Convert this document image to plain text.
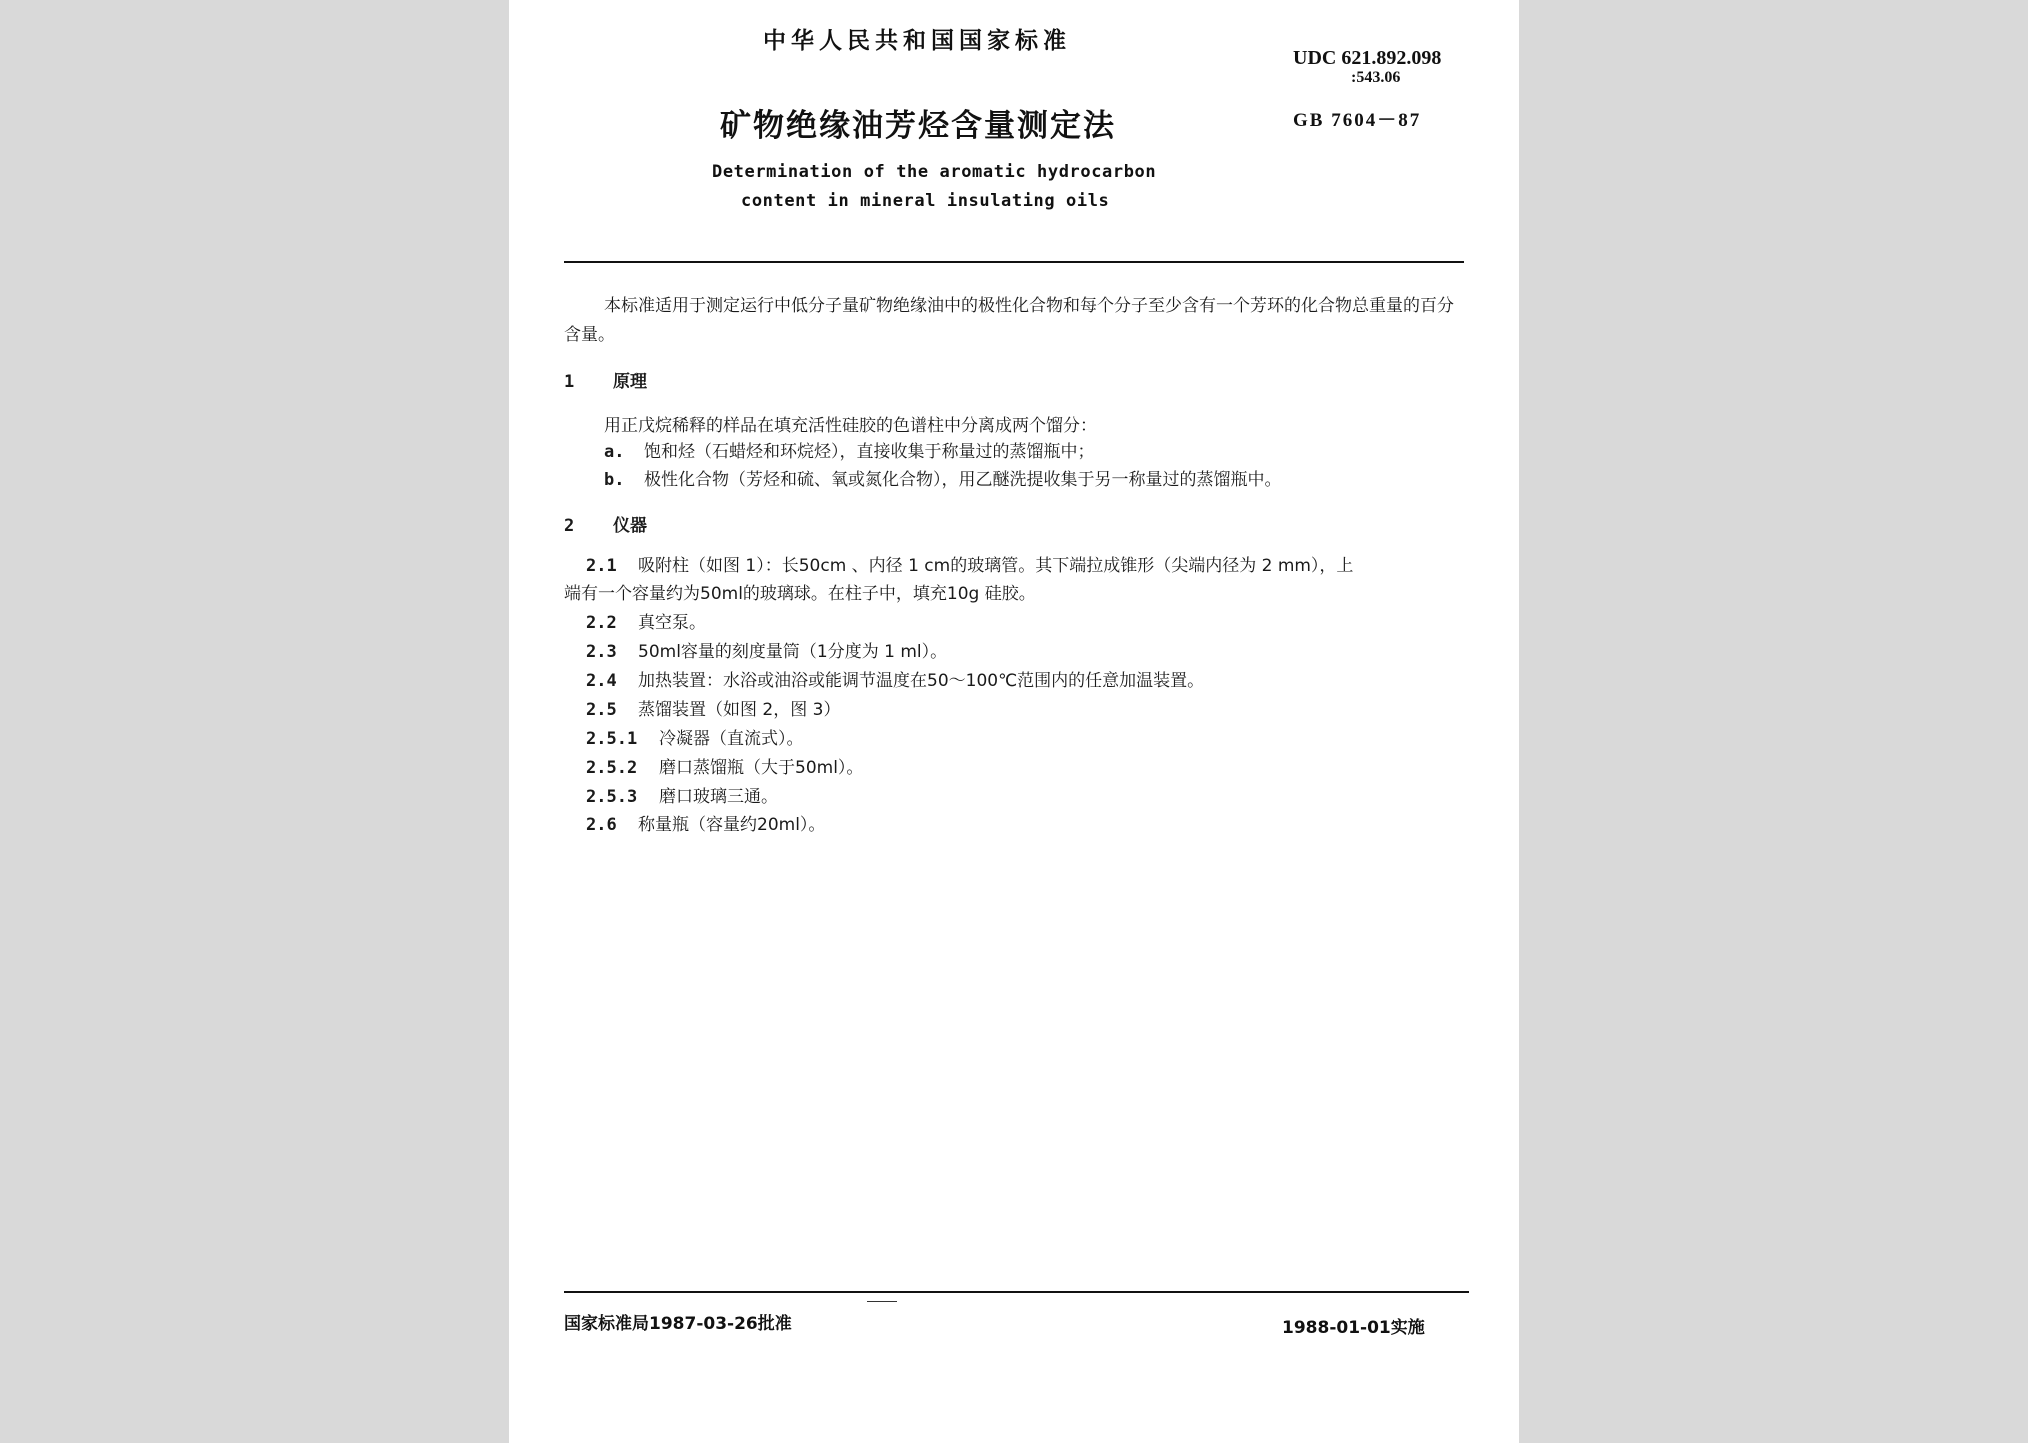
中华人民共和国国家标准
UDC 621.892.098
:543.06
矿物绝缘油芳烃含量测定法	GB 7604－87
Determination of the aromatic hydrocarbon
content in mineral insulating oils
本标准适用于测定运行中低分子量矿物绝缘油中的极性化合物和每个分子至少含有一个芳环的化合物总重量的百分含量。
1 原理
用正戊烷稀释的样品在填充活性硅胶的色谱柱中分离成两个馏分：
a. 饱和烃（石蜡烃和环烷烃），直接收集于称量过的蒸馏瓶中；
b. 极性化合物（芳烃和硫、氧或氮化合物），用乙醚洗提收集于另一称量过的蒸馏瓶中。
2 仪器
2.1 吸附柱（如图 1）：长50cm 、内径 1 cm的玻璃管。其下端拉成锥形（尖端内径为 2 mm），上
端有一个容量约为50ml的玻璃球。在柱子中，填充10g 硅胶。
2.2 真空泵。
2.3 50ml容量的刻度量筒（1分度为 1 ml）。
2.4 加热装置：水浴或油浴或能调节温度在50～100℃范围内的任意加温装置。
2.5 蒸馏装置（如图 2，图 3）
2.5.1 冷凝器（直流式）。
2.5.2 磨口蒸馏瓶（大于50ml）。
2.5.3 磨口玻璃三通。
2.6 称量瓶（容量约20ml）。
国家标准局1987-03-26批准	1988-01-01实施
